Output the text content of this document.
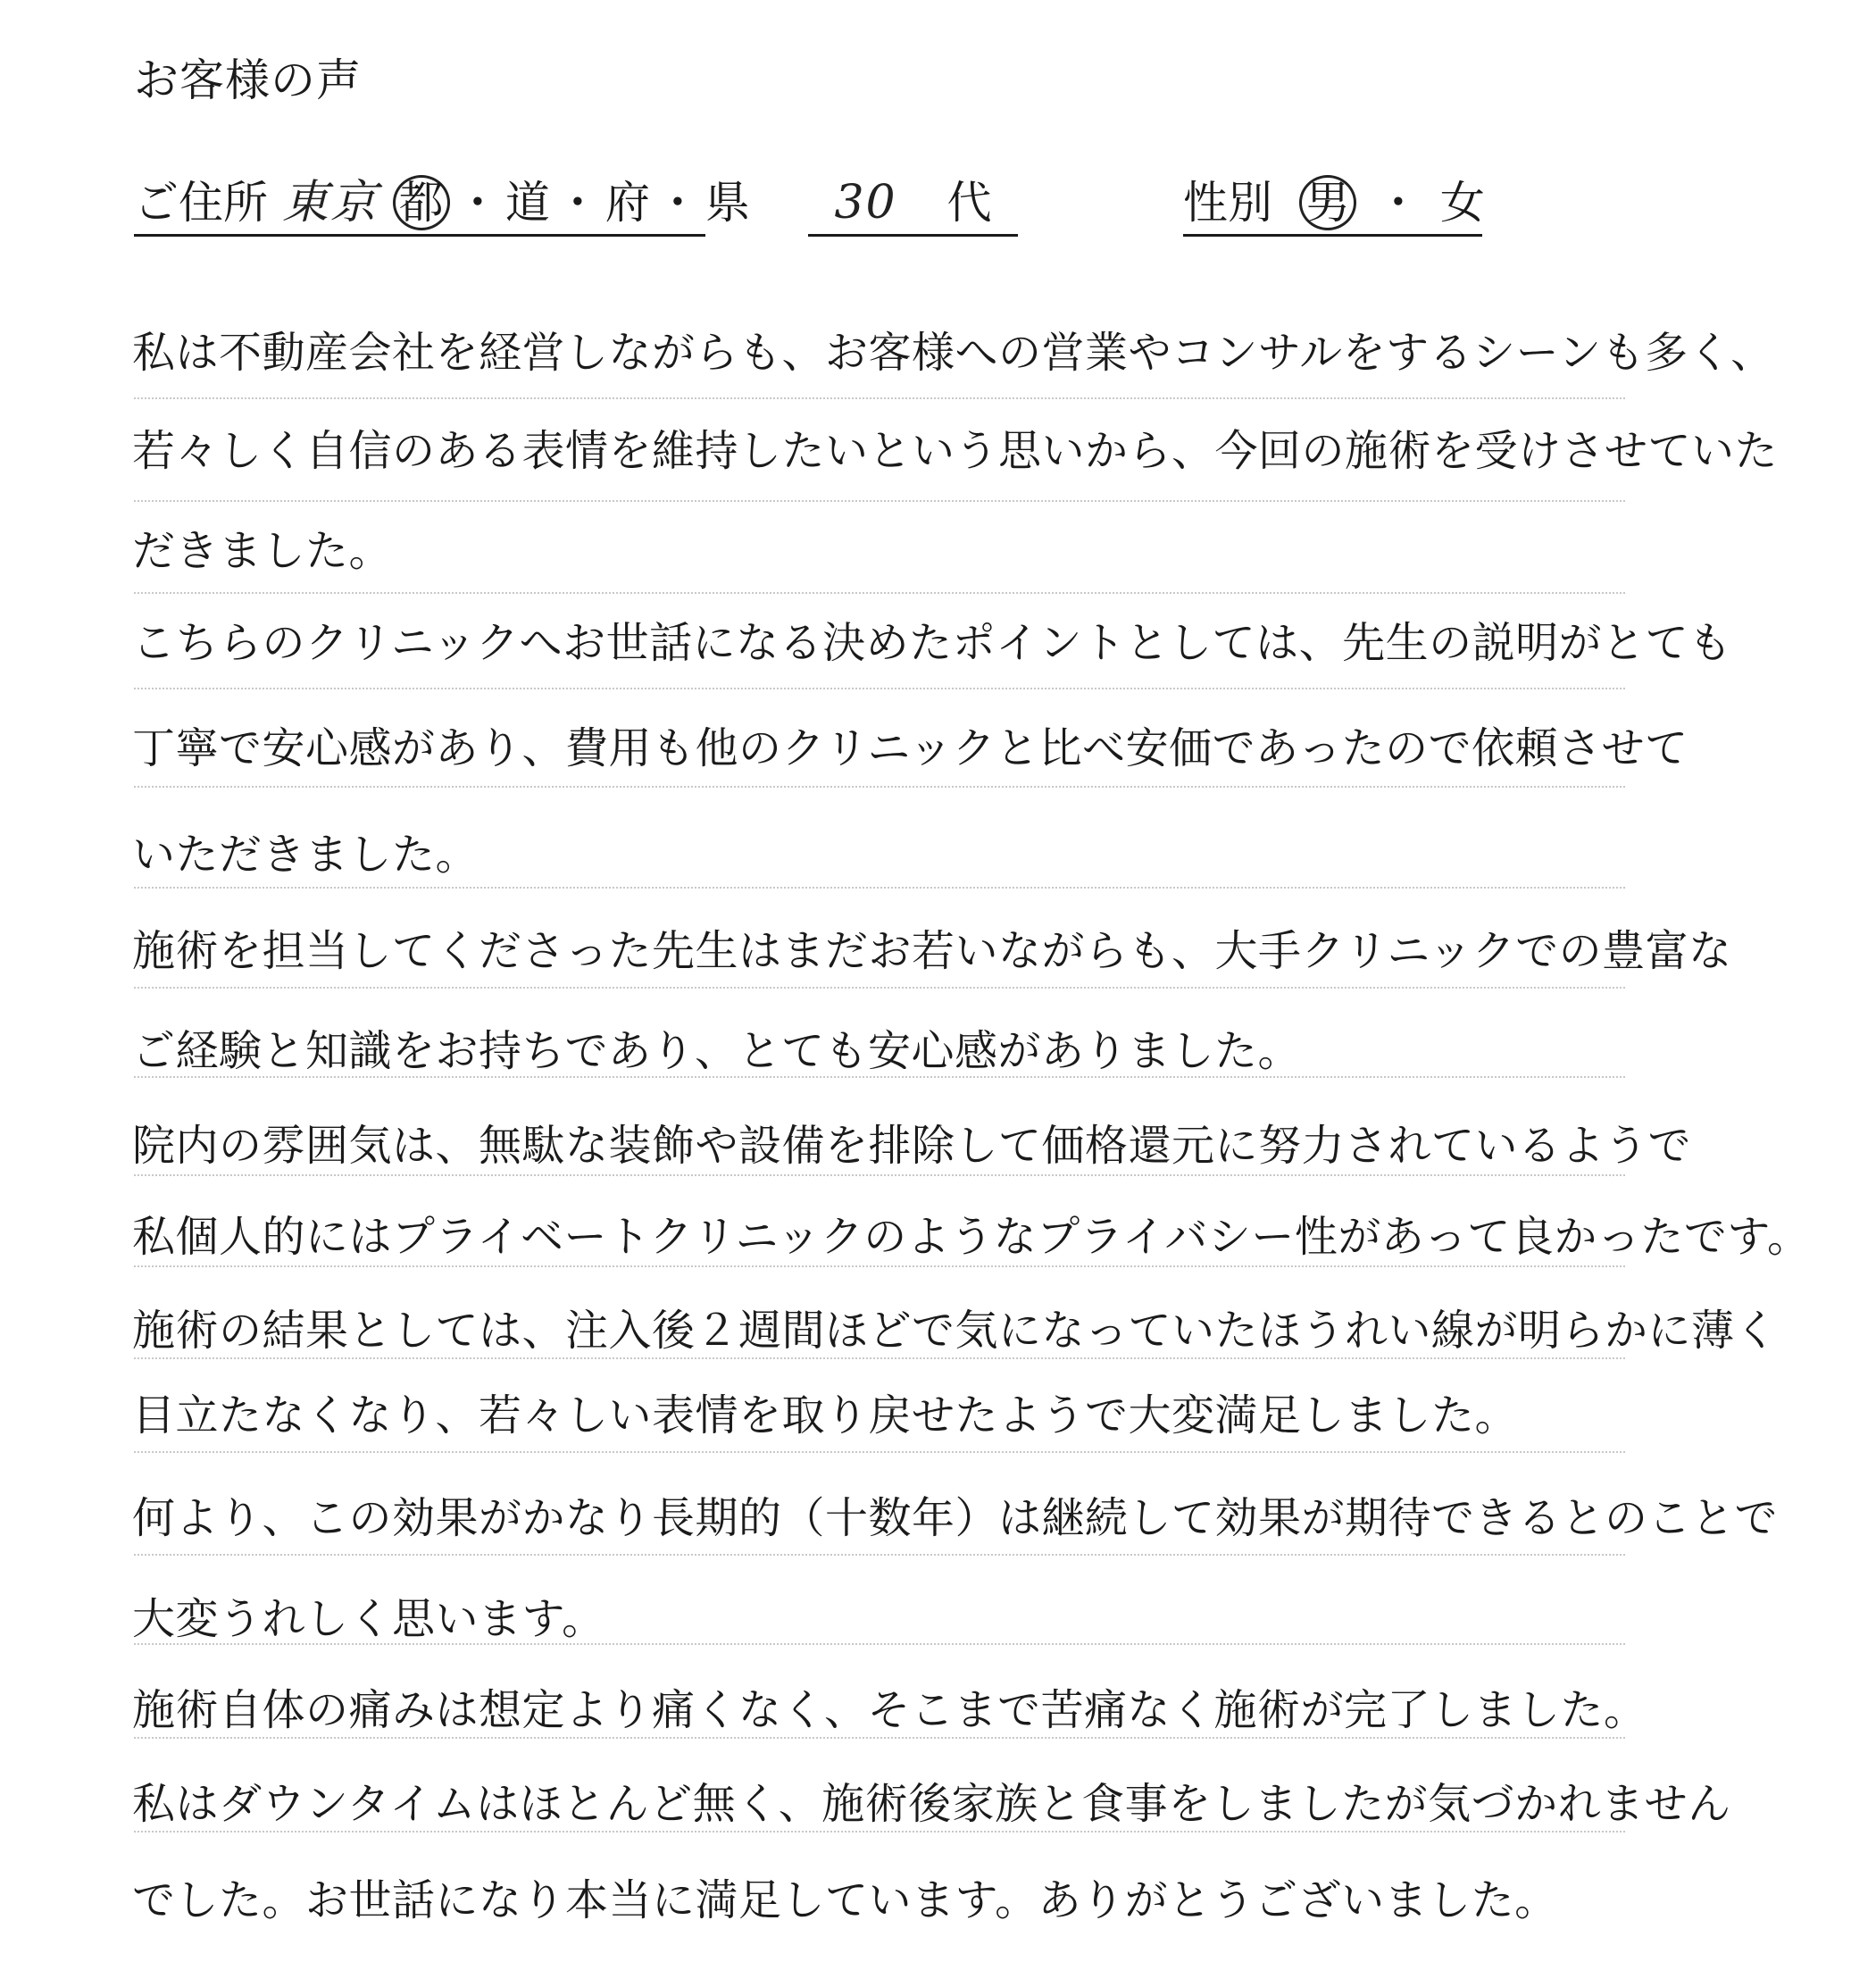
お客様の声
ご住所 東京 都 ・ 道 ・ 府 ・ 県	30 代	性別 男 ・ 女
私は不動産会社を経営しながらも、お客様への営業やコンサルをするシーンも多く、
若々しく自信のある表情を維持したいという思いから、今回の施術を受けさせていた
だきました。
こちらのクリニックへお世話になる決めたポイントとしては、先生の説明がとても
丁寧で安心感があり、費用も他のクリニックと比べ安価であったので依頼させて
いただきました。
施術を担当してくださった先生はまだお若いながらも、大手クリニックでの豊富な
ご経験と知識をお持ちであり、とても安心感がありました。
院内の雰囲気は、無駄な装飾や設備を排除して価格還元に努力されているようで
私個人的にはプライベートクリニックのようなプライバシー性があって良かったです。
施術の結果としては、注入後２週間ほどで気になっていたほうれい線が明らかに薄く
目立たなくなり、若々しい表情を取り戻せたようで大変満足しました。
何より、この効果がかなり長期的（十数年）は継続して効果が期待できるとのことで
大変うれしく思います。
施術自体の痛みは想定より痛くなく、そこまで苦痛なく施術が完了しました。
私はダウンタイムはほとんど無く、施術後家族と食事をしましたが気づかれません
でした。お世話になり本当に満足しています。ありがとうございました。
